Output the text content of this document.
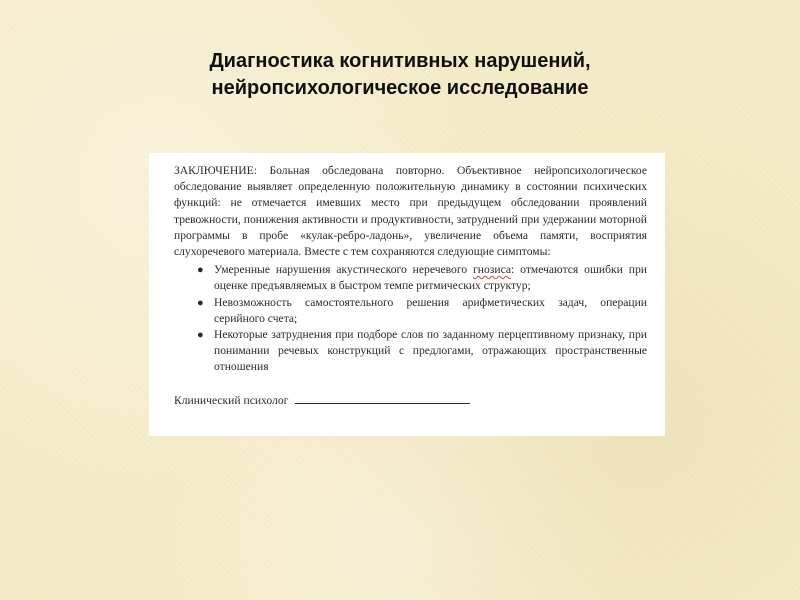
Диагностика когнитивных нарушений,
нейропсихологическое исследование

ЗАКЛЮЧЕНИЕ: Больная обследована повторно. Объективное нейропсихологическое обследование выявляет определенную положительную динамику в состоянии психических функций: не отмечается имевших место при предыдущем обследовании проявлений тревожности, понижения активности и продуктивности, затруднений при удержании моторной программы в пробе «кулак-ребро-ладонь», увеличение объема памяти, восприятия слухоречевого материала. Вместе с тем сохраняются следующие симптомы:

● Умеренные нарушения акустического неречевого гнозиса: отмечаются ошибки при оценке предъявляемых в быстром темпе ритмических структур;
● Невозможность самостоятельного решения арифметических задач, операции серийного счета;
● Некоторые затруднения при подборе слов по заданному перцептивному признаку, при понимании речевых конструкций с предлогами, отражающих пространственные отношения
Клинический психолог
